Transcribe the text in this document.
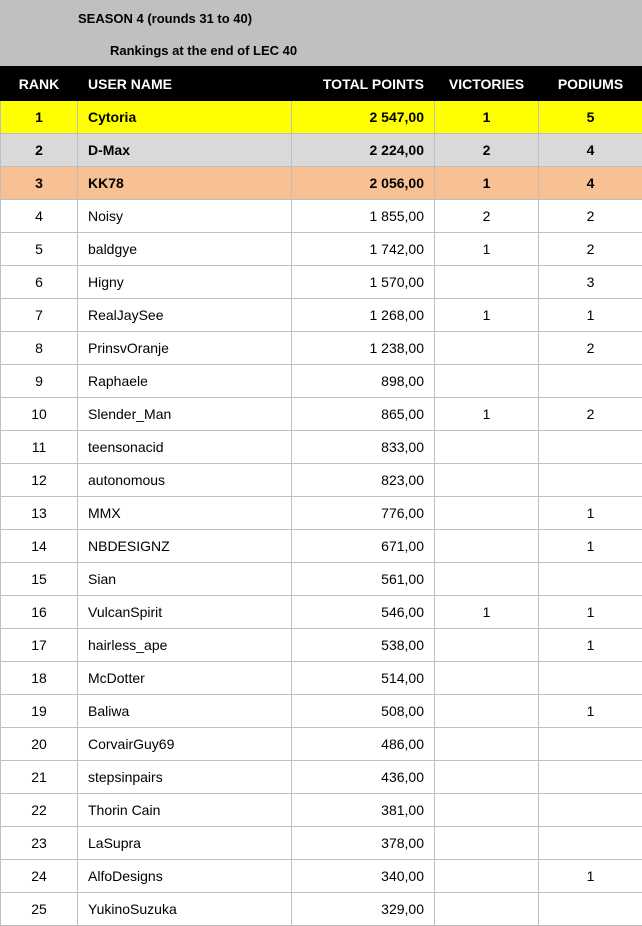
SEASON 4 (rounds 31 to 40)
Rankings at the end of LEC 40
RANK	USER NAME	TOTAL POINTS	VICTORIES	PODIUMS
1	Cytoria	2 547,00	1	5
2	D-Max	2 224,00	2	4
3	KK78	2 056,00	1	4
4	Noisy	1 855,00	2	2
5	baldgye	1 742,00	1	2
6	Higny	1 570,00		3
7	RealJaySee	1 268,00	1	1
8	PrinsvOranje	1 238,00		2
9	Raphaele	898,00		
10	Slender_Man	865,00	1	2
11	teensonacid	833,00		
12	autonomous	823,00		
13	MMX	776,00		1
14	NBDESIGNZ	671,00		1
15	Sian	561,00		
16	VulcanSpirit	546,00	1	1
17	hairless_ape	538,00		1
18	McDotter	514,00		
19	Baliwa	508,00		1
20	CorvairGuy69	486,00		
21	stepsinpairs	436,00		
22	Thorin Cain	381,00		
23	LaSupra	378,00		
24	AlfoDesigns	340,00		1
25	YukinoSuzuka	329,00		
